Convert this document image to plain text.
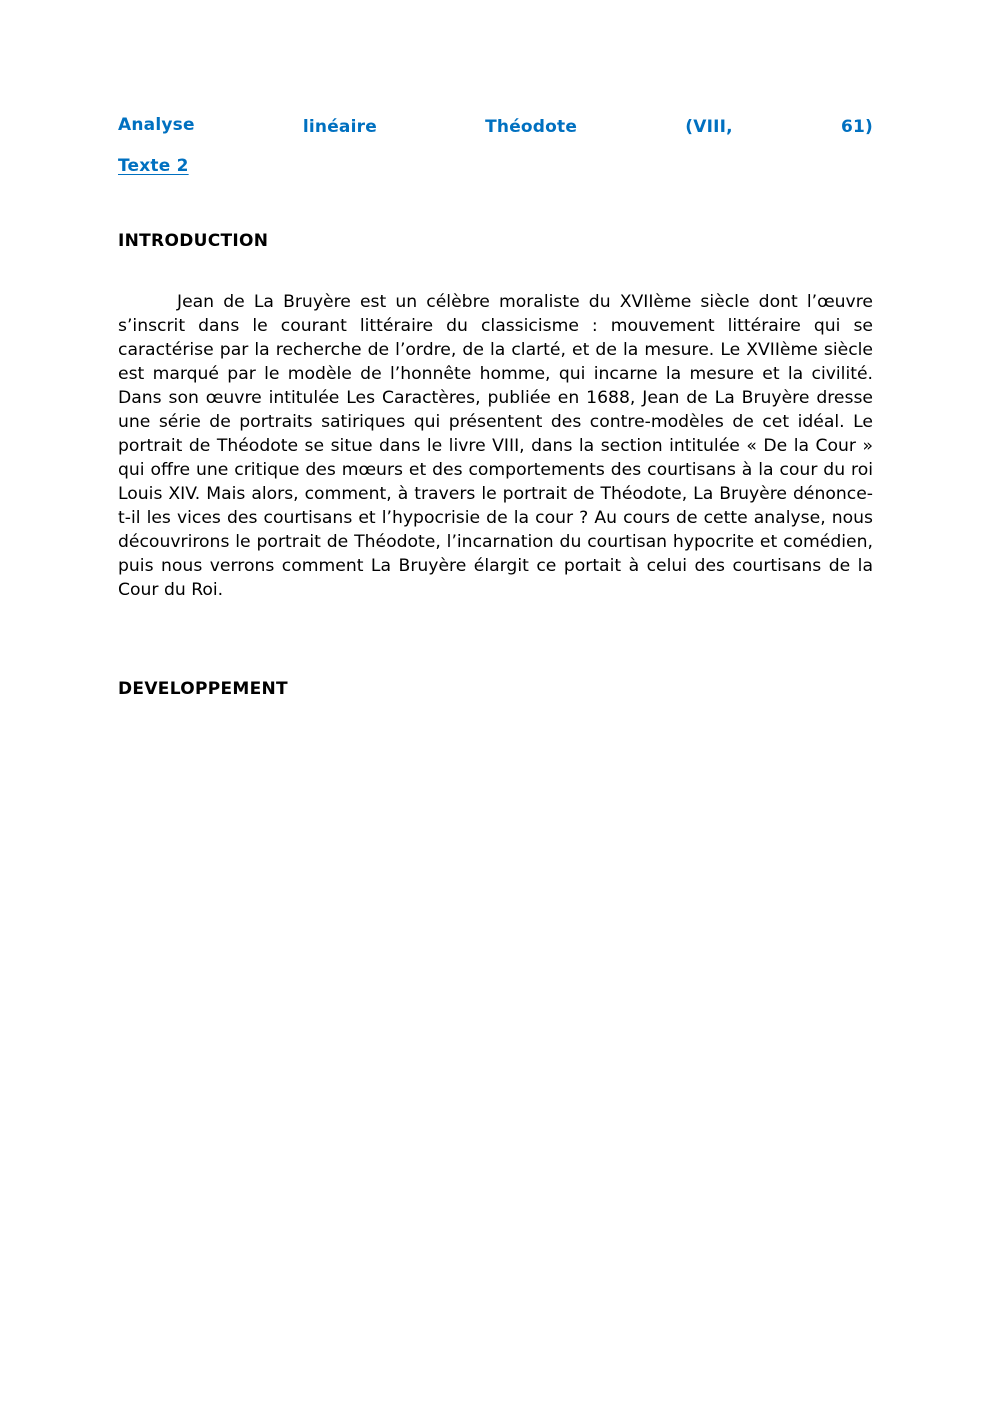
Analyse	linéaire	Théodote	(VIII,	61)
Texte 2
INTRODUCTION

Jean de La Bruyère est un célèbre moraliste du XVIIème siècle dont l’œuvre s’inscrit dans le courant littéraire du classicisme : mouvement littéraire qui se caractérise par la recherche de l’ordre, de la clarté, et de la mesure. Le XVIIème siècle est marqué par le modèle de l’honnête homme, qui incarne la mesure et la civilité. Dans son œuvre intitulée Les Caractères, publiée en 1688, Jean de La Bruyère dresse une série de portraits satiriques qui présentent des contre-modèles de cet idéal. Le portrait de Théodote se situe dans le livre VIII, dans la section intitulée « De la Cour » qui offre une critique des mœurs et des comportements des courtisans à la cour du roi Louis XIV. Mais alors, comment, à travers le portrait de Théodote, La Bruyère dénonce-t-il les vices des courtisans et l’hypocrisie de la cour ? Au cours de cette analyse, nous découvrirons le portrait de Théodote, l’incarnation du courtisan hypocrite et comédien, puis nous verrons comment La Bruyère élargit ce portait à celui des courtisans de la Cour du Roi.

DEVELOPPEMENT
